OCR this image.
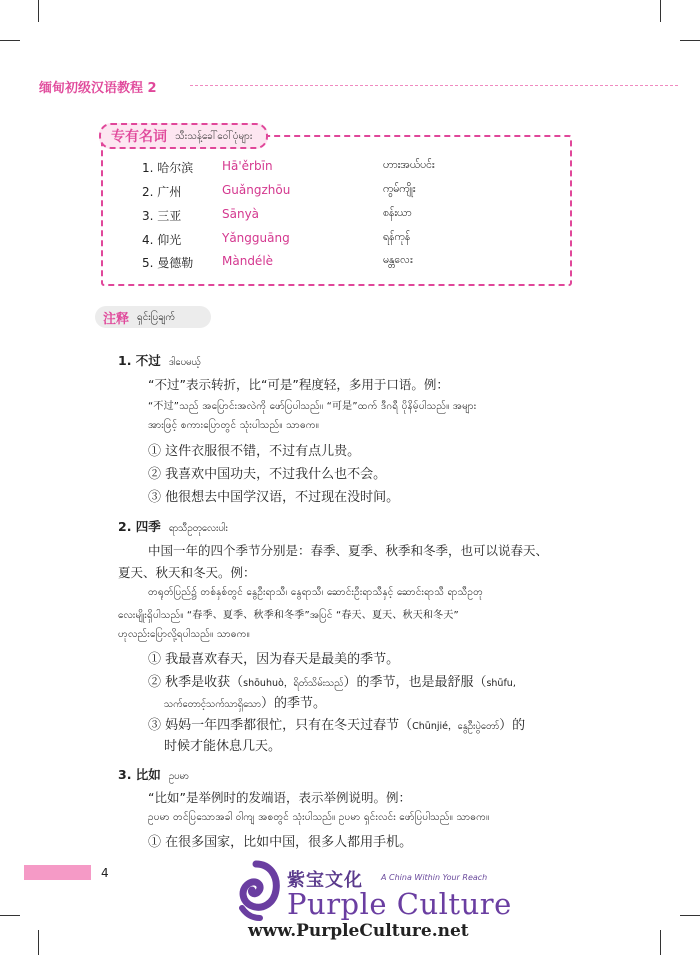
缅甸初级汉语教程 2
专有名词 သီးသန့်ခေါ်ဝေါ်ပုံများ
1. 哈尔滨 Hā'ěrbīn	ဟားအယ်ပင်း
2. 广州	Guǎngzhōu	ကွမ်ကျိုး
3. 三亚	Sānyà	စန်းယာ
4. 仰光	Yǎngguāng	ရန်ကုန်
5. 曼德勒 Màndélè	မန္တလေး
注释 ရှင်းပြချက်
1. 不过 ဒါပေမယ့်
“不过”表示转折，比“可是”程度轻，多用于口语。例：
“不过”သည် အပြောင်းအလဲကို ဖော်ပြပါသည်။ “可是”ထက် ဒီဂရီ ပိုနိမ့်ပါသည်။ အများ
အားဖြင့် စကားပြောတွင် သုံးပါသည်။ သာဓက။
① 这件衣服很不错，不过有点儿贵。
② 我喜欢中国功夫，不过我什么也不会。
③ 他很想去中国学汉语，不过现在没时间。
2. 四季 ရာသီဥတုလေးပါး
中国一年的四个季节分别是：春季、夏季、秋季和冬季，也可以说春天、
夏天、秋天和冬天。例：
တရုတ်ပြည်၌ တစ်နှစ်တွင် နွေဦးရာသီ၊ နွေရာသီ၊ ဆောင်းဦးရာသီနှင့် ဆောင်းရာသီ ရာသီဥတု
လေးမျိုးရှိပါသည်။ “春季、夏季、秋季和冬季”အပြင် “春天、夏天、秋天和冬天”
ဟုလည်းပြောလို့ရပါသည်။ သာဓက။
① 我最喜欢春天，因为春天是最美的季节。
② 秋季是收获（shōuhuò，ရိတ်သိမ်းသည်）的季节，也是最舒服（shūfu,
သက်တောင့်သက်သာရှိသော）的季节。
③ 妈妈一年四季都很忙，只有在冬天过春节（Chūnjié，နွေဦးပွဲတော်）的
时候才能休息几天。
3. 比如 ဥပမာ
“比如”是举例时的发端语，表示举例说明。例：
ဥပမာ တင်ပြသောအခါ ဝါကျ အစတွင် သုံးပါသည်။ ဥပမာ ရှင်းလင်း ဖော်ပြပါသည်။ သာဓက။
① 在很多国家，比如中国，很多人都用手机。
4	紫宝文化 A China Within Your Reach
Purple Culture
www.PurpleCulture.net
